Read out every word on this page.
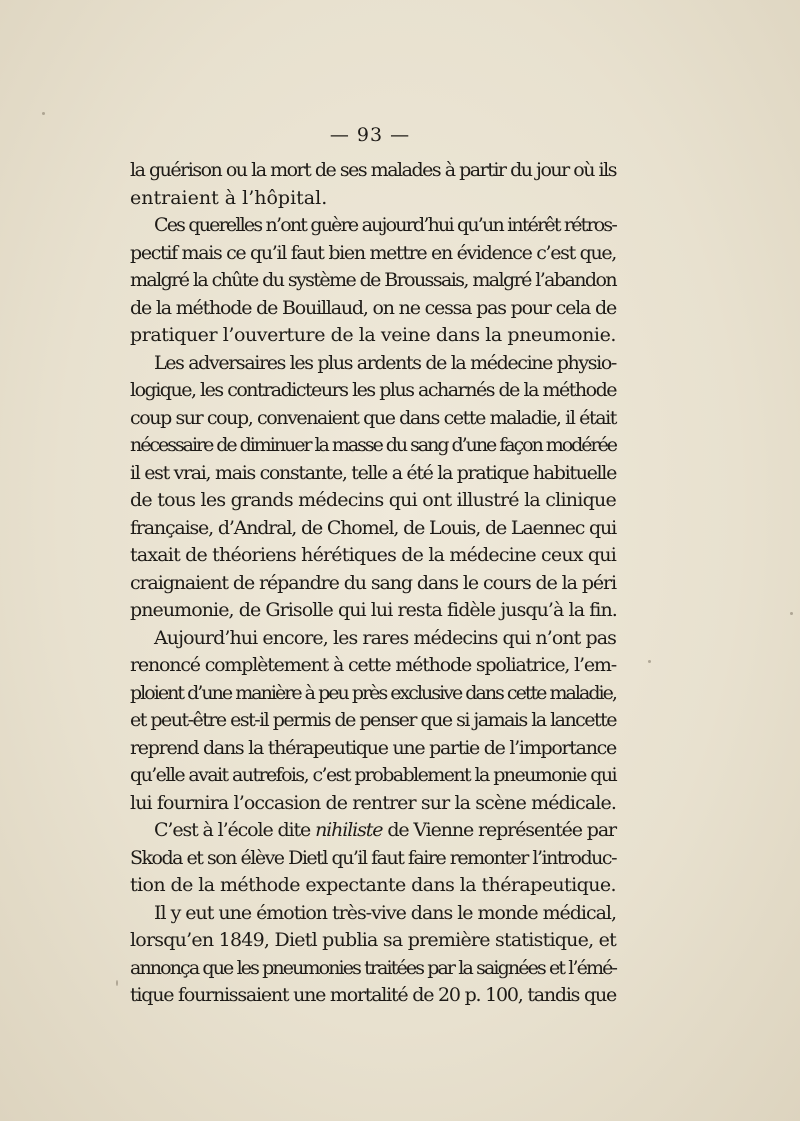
— 93 —
la guérison ou la mort de ses malades à partir du jour où ils
entraient à l’hôpital.
Ces querelles n’ont guère aujourd’hui qu’un intérêt rétros-
pectif mais ce qu’il faut bien mettre en évidence c’est que,
malgré la chûte du système de Broussais, malgré l’abandon
de la méthode de Bouillaud, on ne cessa pas pour cela de
pratiquer l’ouverture de la veine dans la pneumonie.
Les adversaires les plus ardents de la médecine physio-
logique, les contradicteurs les plus acharnés de la méthode
coup sur coup, convenaient que dans cette maladie, il était
nécessaire de diminuer la masse du sang d’une façon modérée
il est vrai, mais constante, telle a été la pratique habituelle
de tous les grands médecins qui ont illustré la clinique
française, d’Andral, de Chomel, de Louis, de Laennec qui
taxait de théoriens hérétiques de la médecine ceux qui
craignaient de répandre du sang dans le cours de la péri
pneumonie, de Grisolle qui lui resta fidèle jusqu’à la fin.
Aujourd’hui encore, les rares médecins qui n’ont pas
renoncé complètement à cette méthode spoliatrice, l’em-
ploient d’une manière à peu près exclusive dans cette maladie,
et peut-être est-il permis de penser que si jamais la lancette
reprend dans la thérapeutique une partie de l’importance
qu’elle avait autrefois, c’est probablement la pneumonie qui
lui fournira l’occasion de rentrer sur la scène médicale.
C’est à l’école dite nihiliste de Vienne représentée par
Skoda et son élève Dietl qu’il faut faire remonter l’introduc-
tion de la méthode expectante dans la thérapeutique.
Il y eut une émotion très-vive dans le monde médical,
lorsqu’en 1849, Dietl publia sa première statistique, et
annonça que les pneumonies traitées par la saignées et l’émé-
tique fournissaient une mortalité de 20 p. 100, tandis que
